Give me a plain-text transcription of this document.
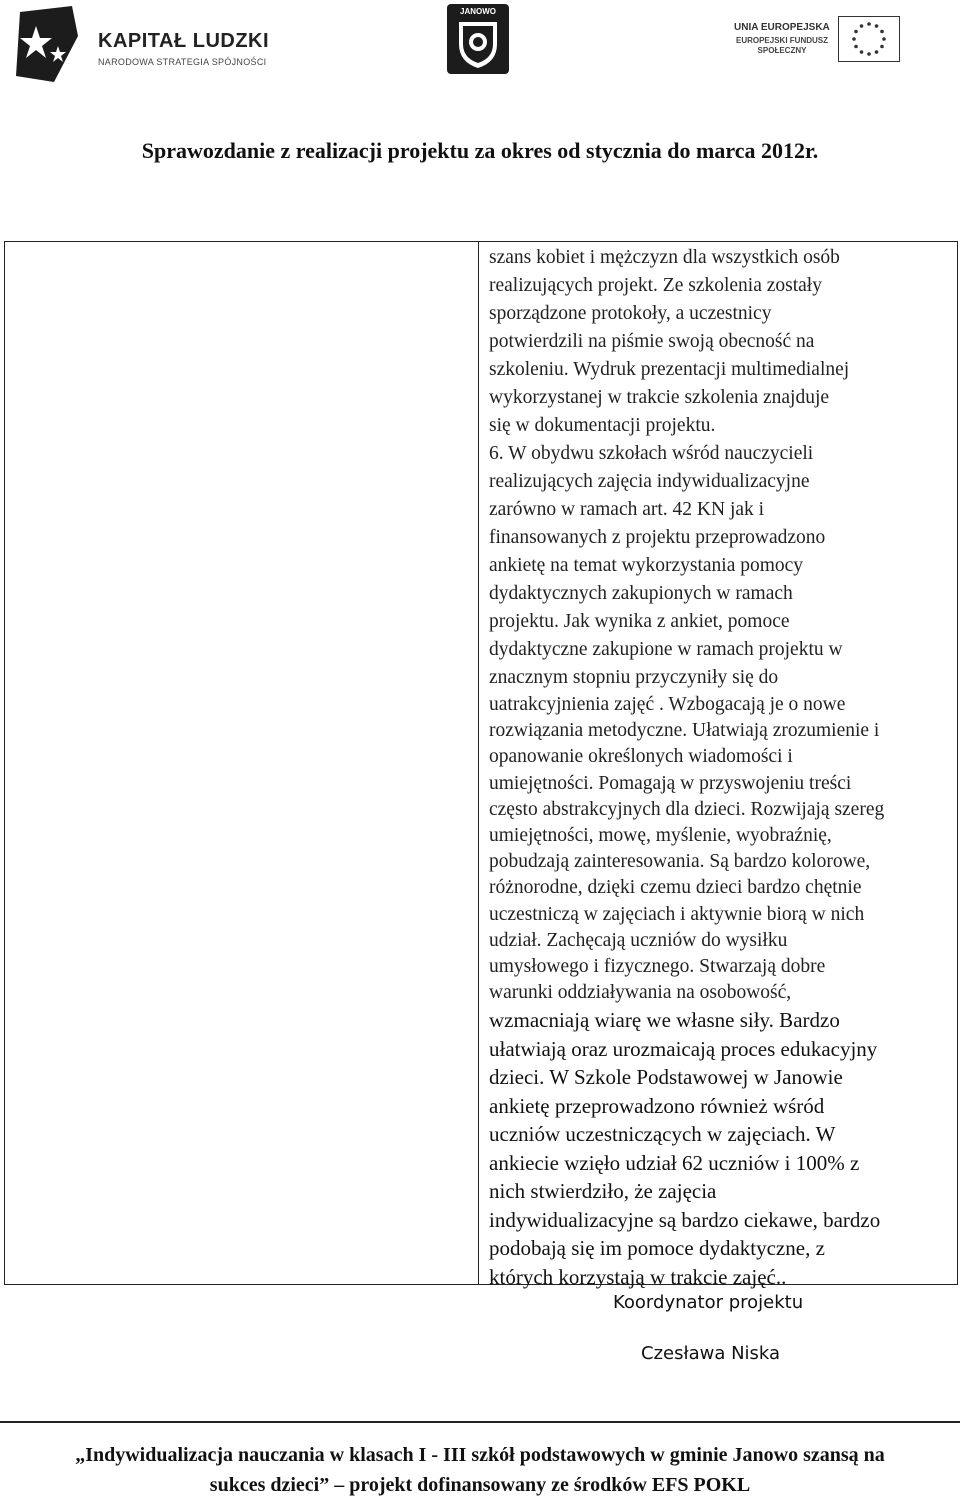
KAPITAŁ LUDZKI
NARODOWA STRATEGIA SPÓJNOŚCI
JANOWO
UNIA EUROPEJSKA
EUROPEJSKI FUNDUSZ SPOŁECZNY
Sprawozdanie z realizacji projektu za okres od stycznia do marca 2012r.
szans kobiet i mężczyzn dla wszystkich osób
realizujących projekt. Ze szkolenia zostały
sporządzone protokoły, a uczestnicy
potwierdzili na piśmie swoją obecność na
szkoleniu. Wydruk prezentacji multimedialnej
wykorzystanej w trakcie szkolenia znajduje
się w dokumentacji projektu.
6. W obydwu szkołach wśród nauczycieli
realizujących zajęcia indywidualizacyjne
zarówno w ramach art. 42 KN jak i
finansowanych z projektu przeprowadzono
ankietę na temat wykorzystania pomocy
dydaktycznych zakupionych w ramach
projektu. Jak wynika z ankiet, pomoce
dydaktyczne zakupione w ramach projektu w
znacznym stopniu przyczyniły się do
uatrakcyjnienia zajęć . Wzbogacają je o nowe
rozwiązania metodyczne. Ułatwiają zrozumienie i
opanowanie określonych wiadomości i
umiejętności. Pomagają w przyswojeniu treści
często abstrakcyjnych dla dzieci. Rozwijają szereg
umiejętności, mowę, myślenie, wyobraźnię,
pobudzają zainteresowania. Są bardzo kolorowe,
różnorodne, dzięki czemu dzieci bardzo chętnie
uczestniczą w zajęciach i aktywnie biorą w nich
udział. Zachęcają uczniów do wysiłku
umysłowego i fizycznego. Stwarzają dobre
warunki oddziaływania na osobowość,
wzmacniają wiarę we własne siły. Bardzo
ułatwiają oraz urozmaicają proces edukacyjny
dzieci. W Szkole Podstawowej w Janowie
ankietę przeprowadzono również wśród
uczniów uczestniczących w zajęciach. W
ankiecie wzięło udział 62 uczniów i 100% z
nich stwierdziło, że zajęcia
indywidualizacyjne są bardzo ciekawe, bardzo
podobają się im pomoce dydaktyczne, z
których korzystają w trakcie zajęć..
Koordynator projektu
Czesława Niska
„Indywidualizacja nauczania w klasach I - III szkół podstawowych w gminie Janowo szansą na
sukces dzieci” – projekt dofinansowany ze środków EFS POKL
